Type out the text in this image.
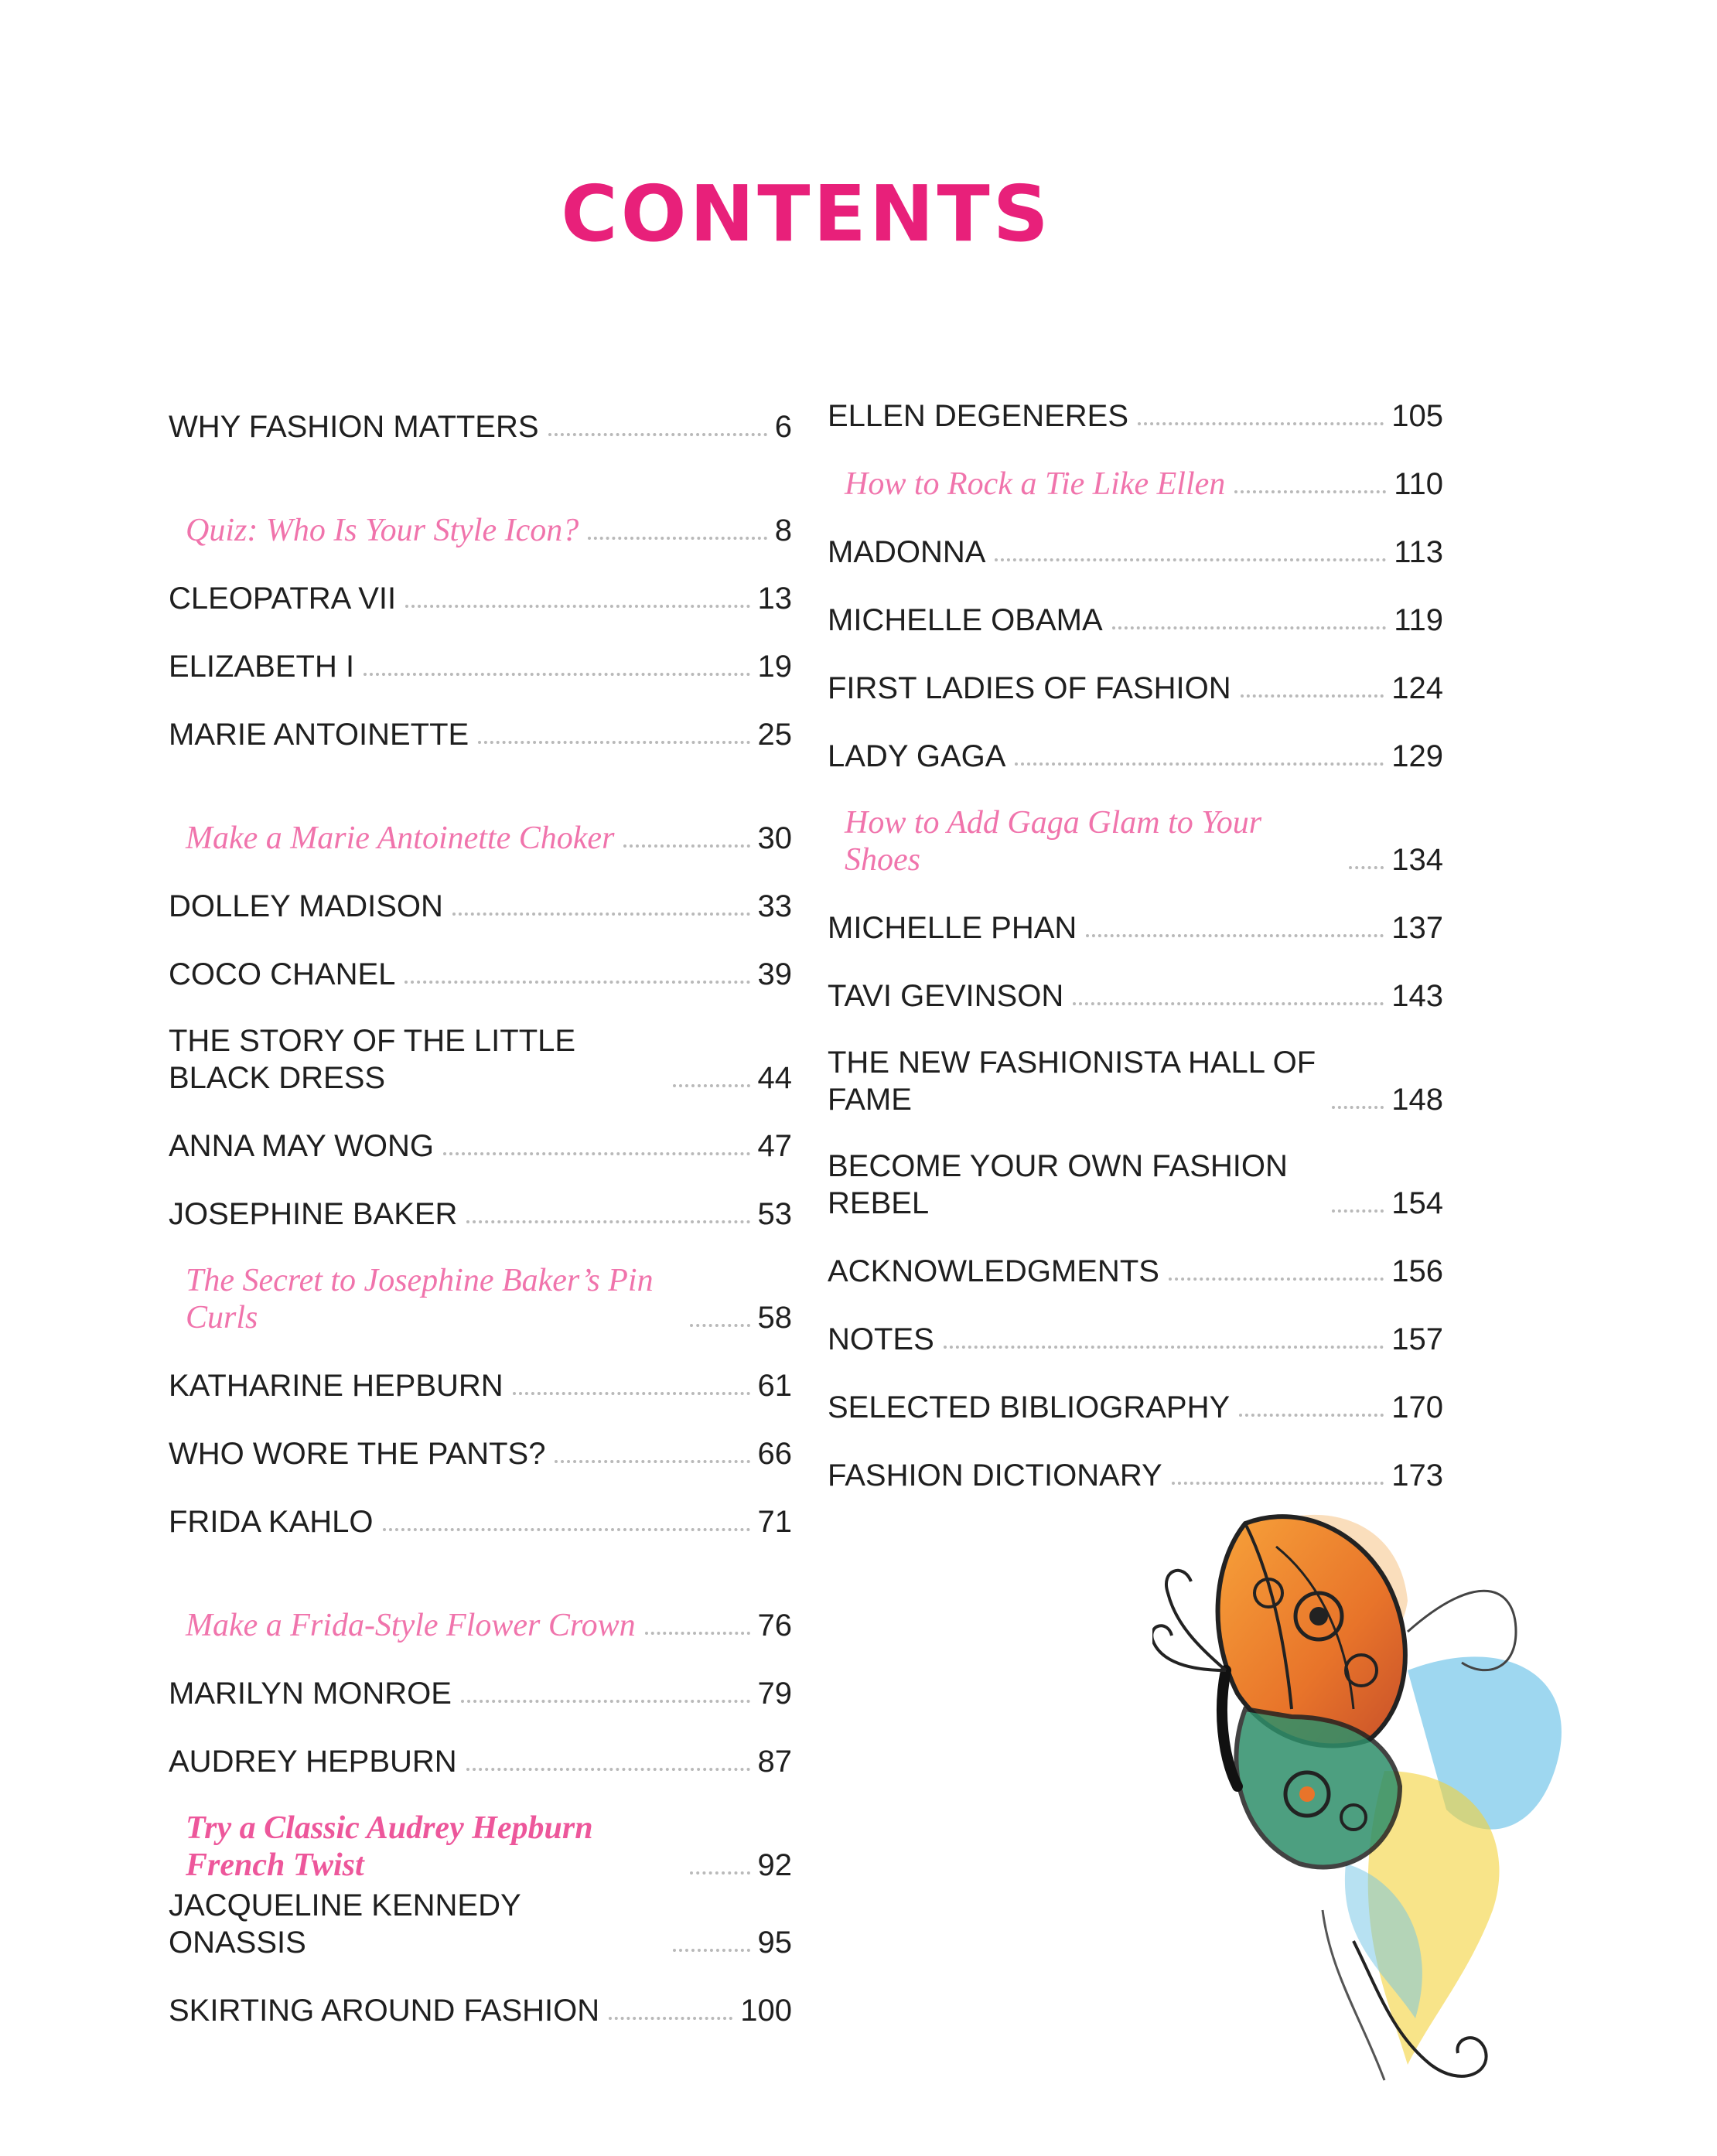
CONTENTS
WHY FASHION MATTERS	6
Quiz: Who Is Your Style Icon?	8
CLEOPATRA VII	13
ELIZABETH I	19
MARIE ANTOINETTE	25
Make a Marie Antoinette Choker	30
DOLLEY MADISON	33
COCO CHANEL	39
THE STORY OF THE LITTLE BLACK DRESS	44
ANNA MAY WONG	47
JOSEPHINE BAKER	53
The Secret to Josephine Baker’s Pin Curls	58
KATHARINE HEPBURN	61
WHO WORE THE PANTS?	66
FRIDA KAHLO	71
Make a Frida-Style Flower Crown	76
MARILYN MONROE	79
AUDREY HEPBURN	87
Try a Classic Audrey Hepburn French Twist	92
JACQUELINE KENNEDY ONASSIS	95
SKIRTING AROUND FASHION	100
ELLEN DEGENERES	105
How to Rock a Tie Like Ellen	110
MADONNA	113
MICHELLE OBAMA	119
FIRST LADIES OF FASHION	124
LADY GAGA	129
How to Add Gaga Glam to Your Shoes	134
MICHELLE PHAN	137
TAVI GEVINSON	143
THE NEW FASHIONISTA HALL OF FAME	148
BECOME YOUR OWN FASHION REBEL	154
ACKNOWLEDGMENTS	156
NOTES	157
SELECTED BIBLIOGRAPHY	170
FASHION DICTIONARY	173
